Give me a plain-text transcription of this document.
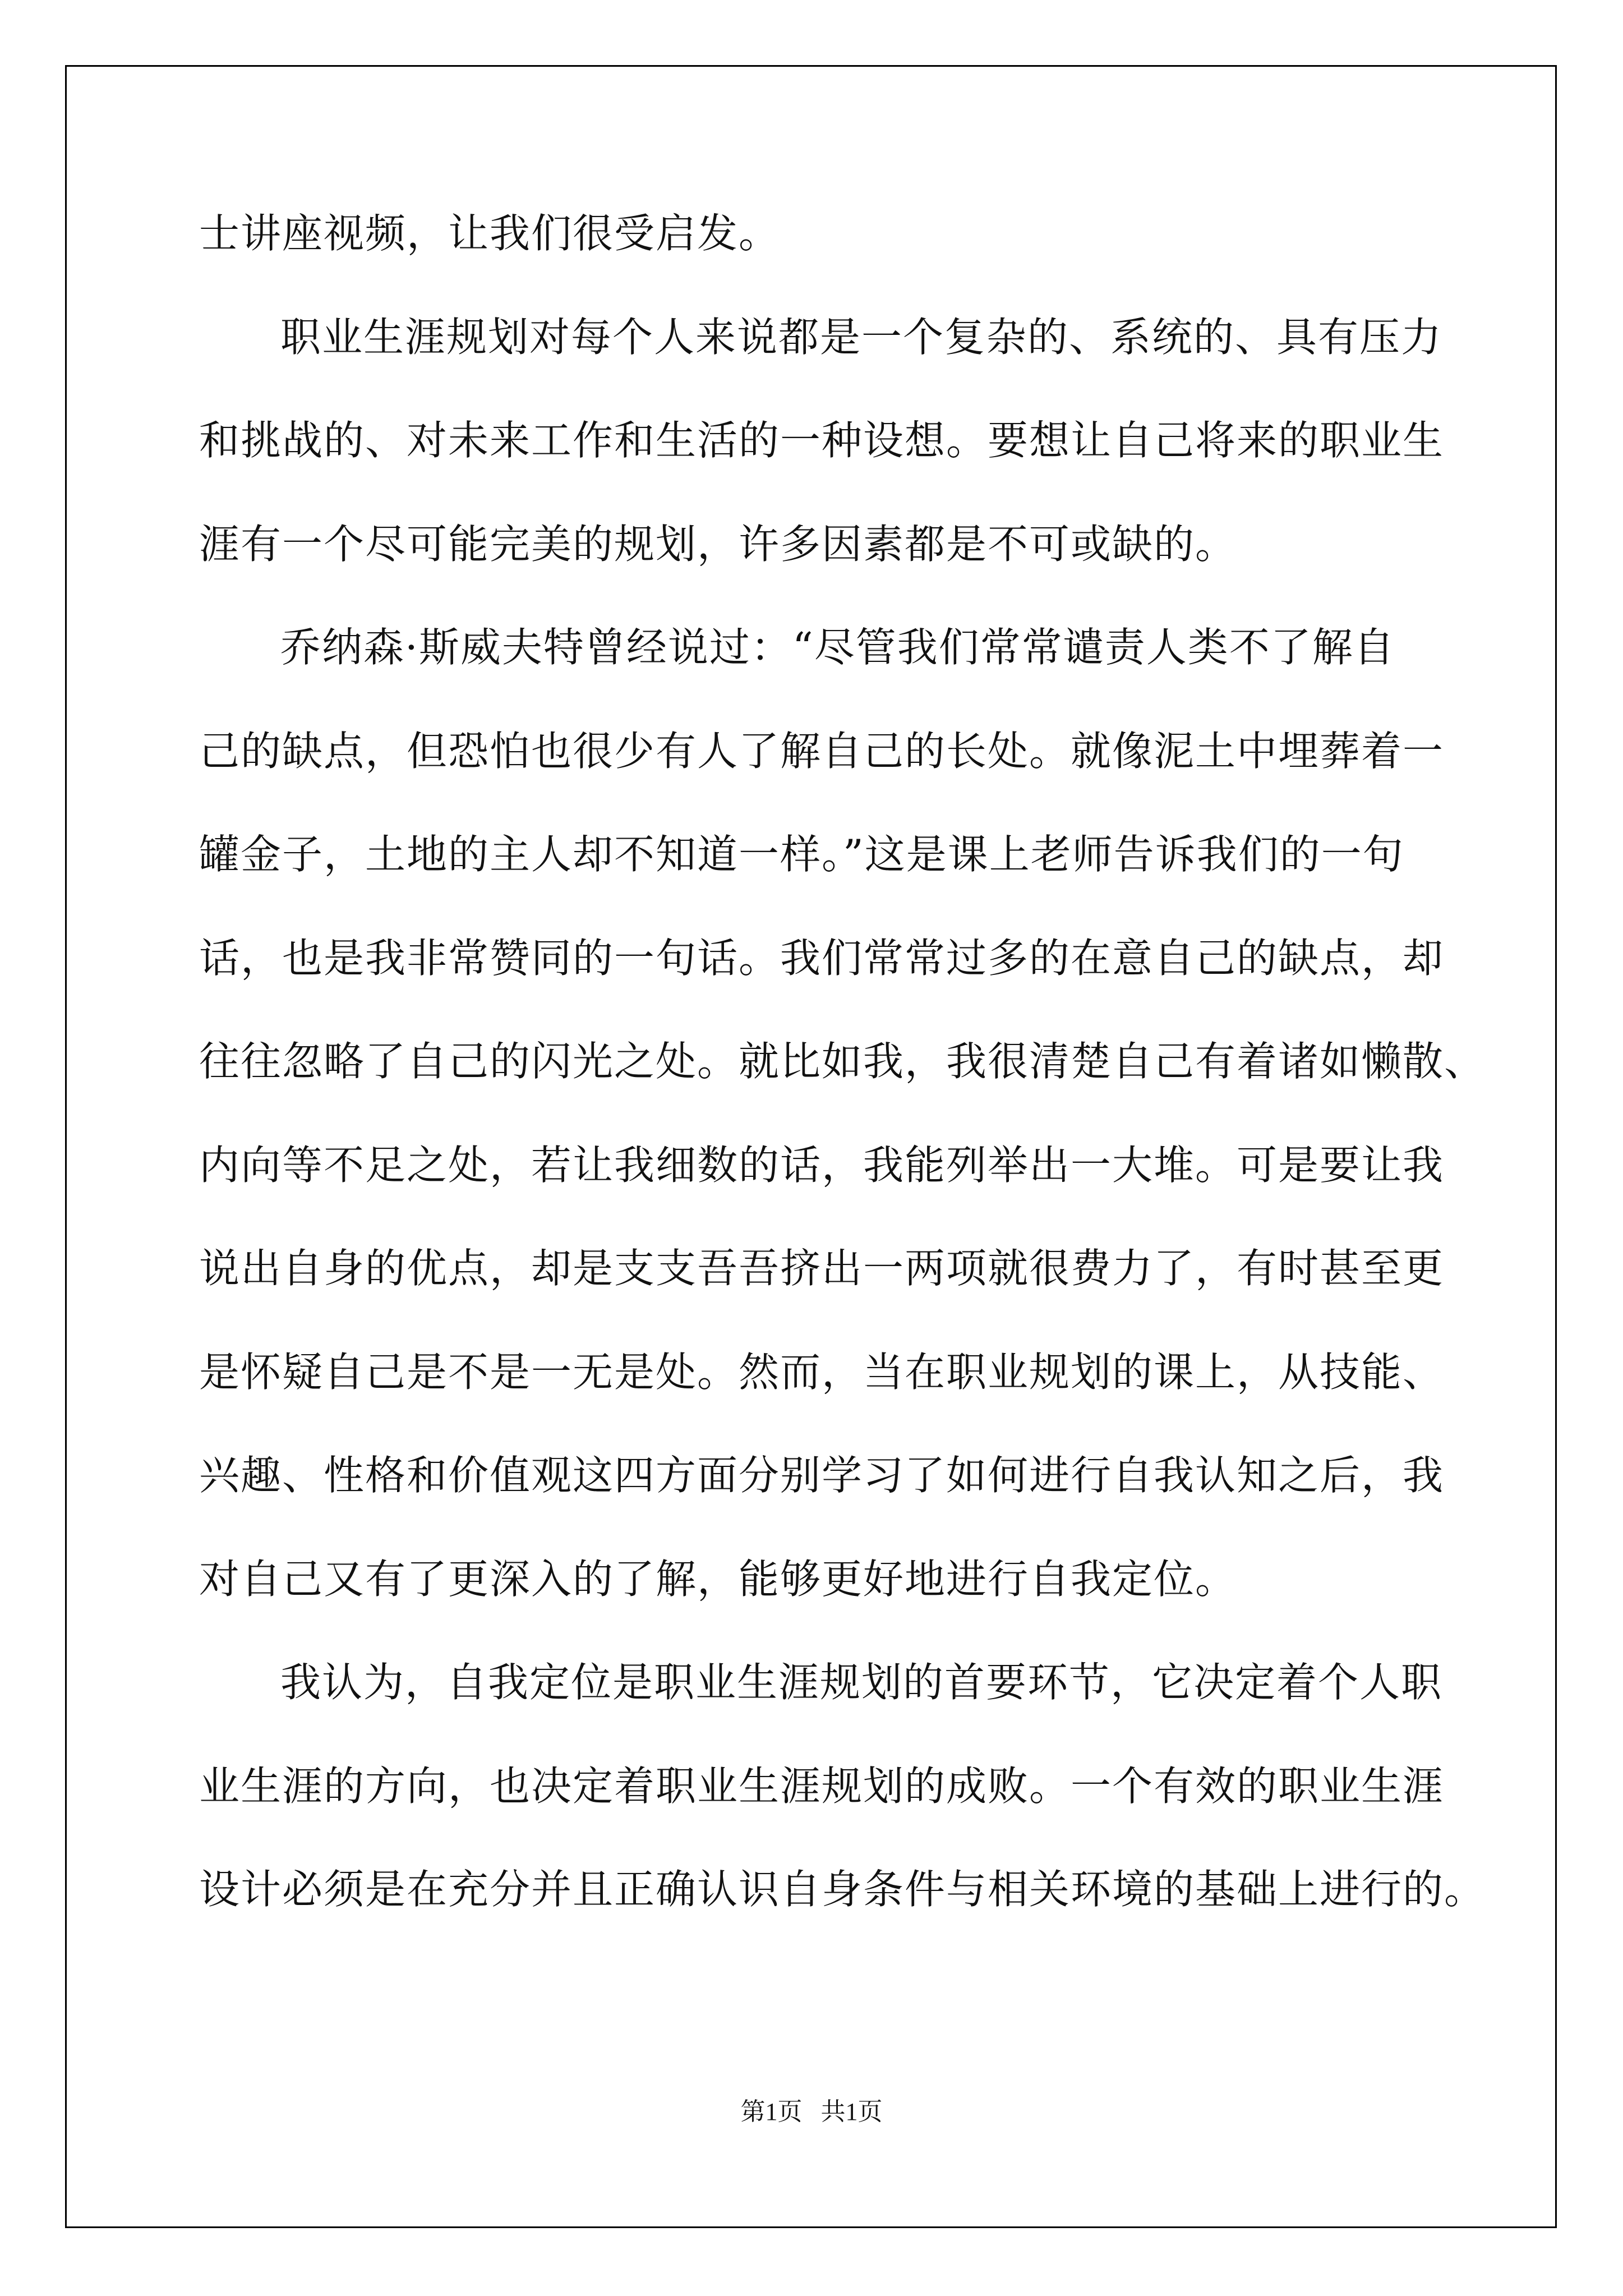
士讲座视频，让我们很受启发。
职业生涯规划对每个人来说都是一个复杂的、系统的、具有压力
和挑战的、对未来工作和生活的一种设想。要想让自己将来的职业生
涯有一个尽可能完美的规划，许多因素都是不可或缺的。
乔纳森·斯威夫特曾经说过：“尽管我们常常谴责人类不了解自
己的缺点，但恐怕也很少有人了解自己的长处。就像泥土中埋葬着一
罐金子，土地的主人却不知道一样。”这是课上老师告诉我们的一句
话，也是我非常赞同的一句话。我们常常过多的在意自己的缺点，却
往往忽略了自己的闪光之处。就比如我，我很清楚自己有着诸如懒散、
内向等不足之处，若让我细数的话，我能列举出一大堆。可是要让我
说出自身的优点，却是支支吾吾挤出一两项就很费力了，有时甚至更
是怀疑自己是不是一无是处。然而，当在职业规划的课上，从技能、
兴趣、性格和价值观这四方面分别学习了如何进行自我认知之后，我
对自己又有了更深入的了解，能够更好地进行自我定位。
我认为，自我定位是职业生涯规划的首要环节，它决定着个人职
业生涯的方向，也决定着职业生涯规划的成败。一个有效的职业生涯
设计必须是在充分并且正确认识自身条件与相关环境的基础上进行的。
第1页   共1页
